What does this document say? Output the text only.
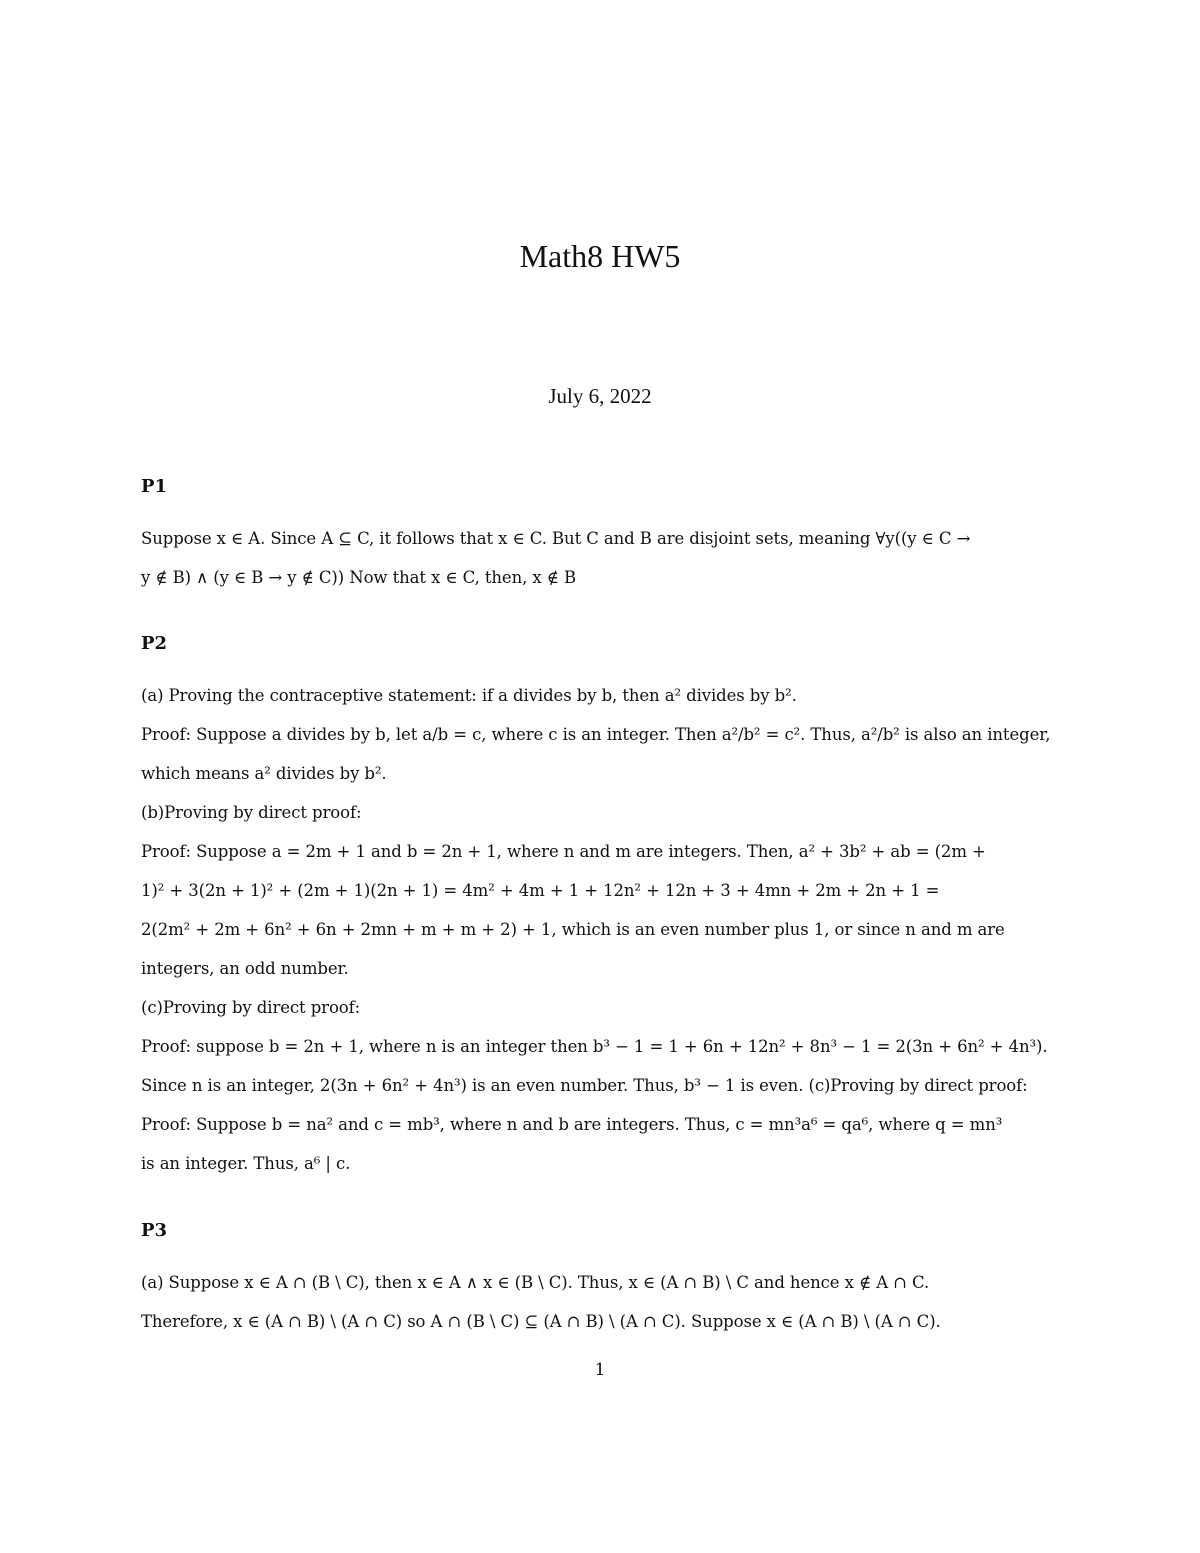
Math8 HW5
July 6, 2022
P1
Suppose x ∈ A. Since A ⊆ C, it follows that x ∈ C. But C and B are disjoint sets, meaning ∀y((y ∈ C →
y ∉ B) ∧ (y ∈ B → y ∉ C)) Now that x ∈ C, then, x ∉ B
P2
(a) Proving the contraceptive statement: if a divides by b, then a² divides by b².
Proof: Suppose a divides by b, let a/b = c, where c is an integer. Then a²/b² = c². Thus, a²/b² is also an integer,
which means a² divides by b².
(b)Proving by direct proof:
Proof: Suppose a = 2m + 1 and b = 2n + 1, where n and m are integers. Then, a² + 3b² + ab = (2m +
1)² + 3(2n + 1)² + (2m + 1)(2n + 1) = 4m² + 4m + 1 + 12n² + 12n + 3 + 4mn + 2m + 2n + 1 =
2(2m² + 2m + 6n² + 6n + 2mn + m + m + 2) + 1, which is an even number plus 1, or since n and m are
integers, an odd number.
(c)Proving by direct proof:
Proof: suppose b = 2n + 1, where n is an integer then b³ − 1 = 1 + 6n + 12n² + 8n³ − 1 = 2(3n + 6n² + 4n³).
Since n is an integer, 2(3n + 6n² + 4n³) is an even number. Thus, b³ − 1 is even. (c)Proving by direct proof:
Proof: Suppose b = na² and c = mb³, where n and b are integers. Thus, c = mn³a⁶ = qa⁶, where q = mn³
is an integer. Thus, a⁶ | c.
P3
(a) Suppose x ∈ A ∩ (B \ C), then x ∈ A ∧ x ∈ (B \ C). Thus, x ∈ (A ∩ B) \ C and hence x ∉ A ∩ C.
Therefore, x ∈ (A ∩ B) \ (A ∩ C) so A ∩ (B \ C) ⊆ (A ∩ B) \ (A ∩ C). Suppose x ∈ (A ∩ B) \ (A ∩ C).
1
